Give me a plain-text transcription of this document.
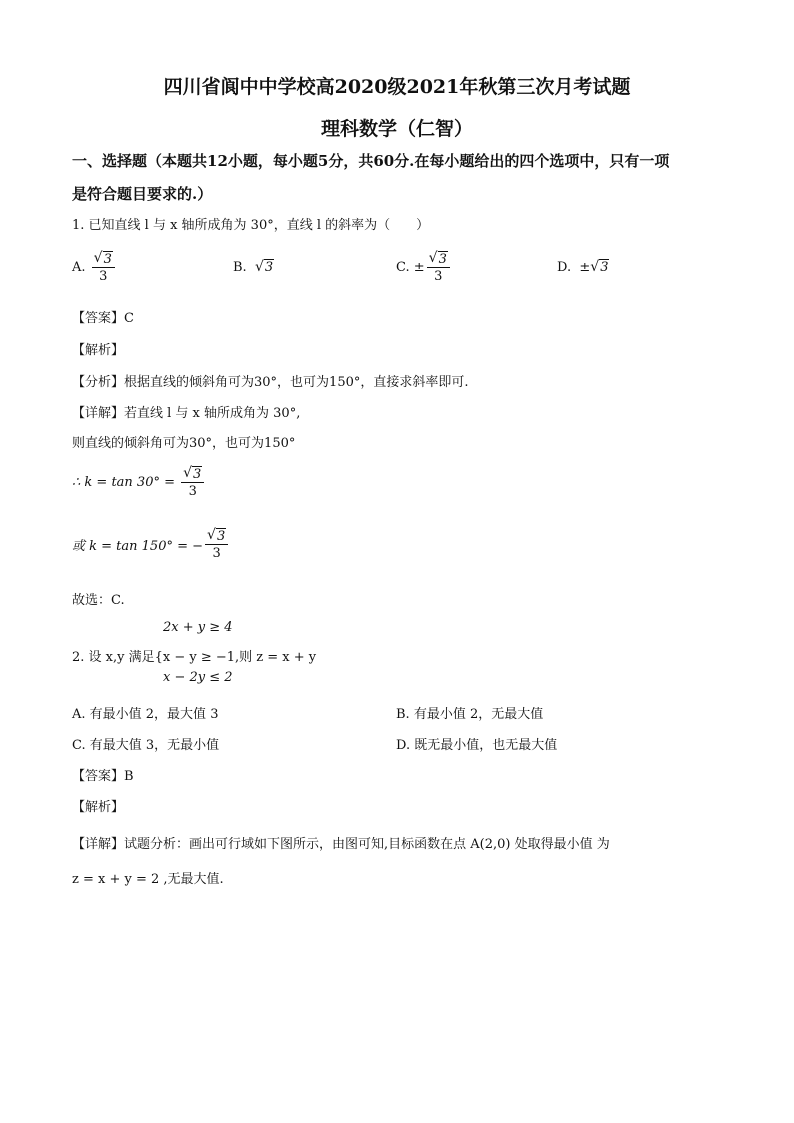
四川省阆中中学校高2020级2021年秋第三次月考试题
理科数学（仁智）
一、选择题（本题共12小题，每小题5分，共60分.在每小题给出的四个选项中，只有一项
是符合题目要求的.）
1. 已知直线 l 与 x 轴所成角为 30°，直线 l 的斜率为（　　）
A.
$\frac{√ 3}{3}$	B.
√ 3	C.
± $\frac{√ 3}{3}$	D.
± √ 3
【答案】C
【解析】
【分析】根据直线的倾斜角可为30°，也可为150°，直接求斜率即可.
【详解】若直线 l 与 x 轴所成角为 30°,
则直线的倾斜角可为30°，也可为150°
∴ k = tan 30° =
$\frac{√ 3}{3}$
或 k = tan 150° = − $\frac{√ 3}{3}$
故选：C.
2x + y ≥ 4
2. 设 x,y 满足{x − y ≥ −1,则 z = x + y
x − 2y ≤ 2
A. 有最小值 2，最大值 3	B. 有最小值 2，无最大值
C. 有最大值 3，无最小值	D. 既无最小值，也无最大值
【答案】B
【解析】
【详解】试题分析：画出可行域如下图所示，由图可知,目标函数在点 A(2,0) 处取得最小值 为
z = x + y = 2 ,无最大值.
